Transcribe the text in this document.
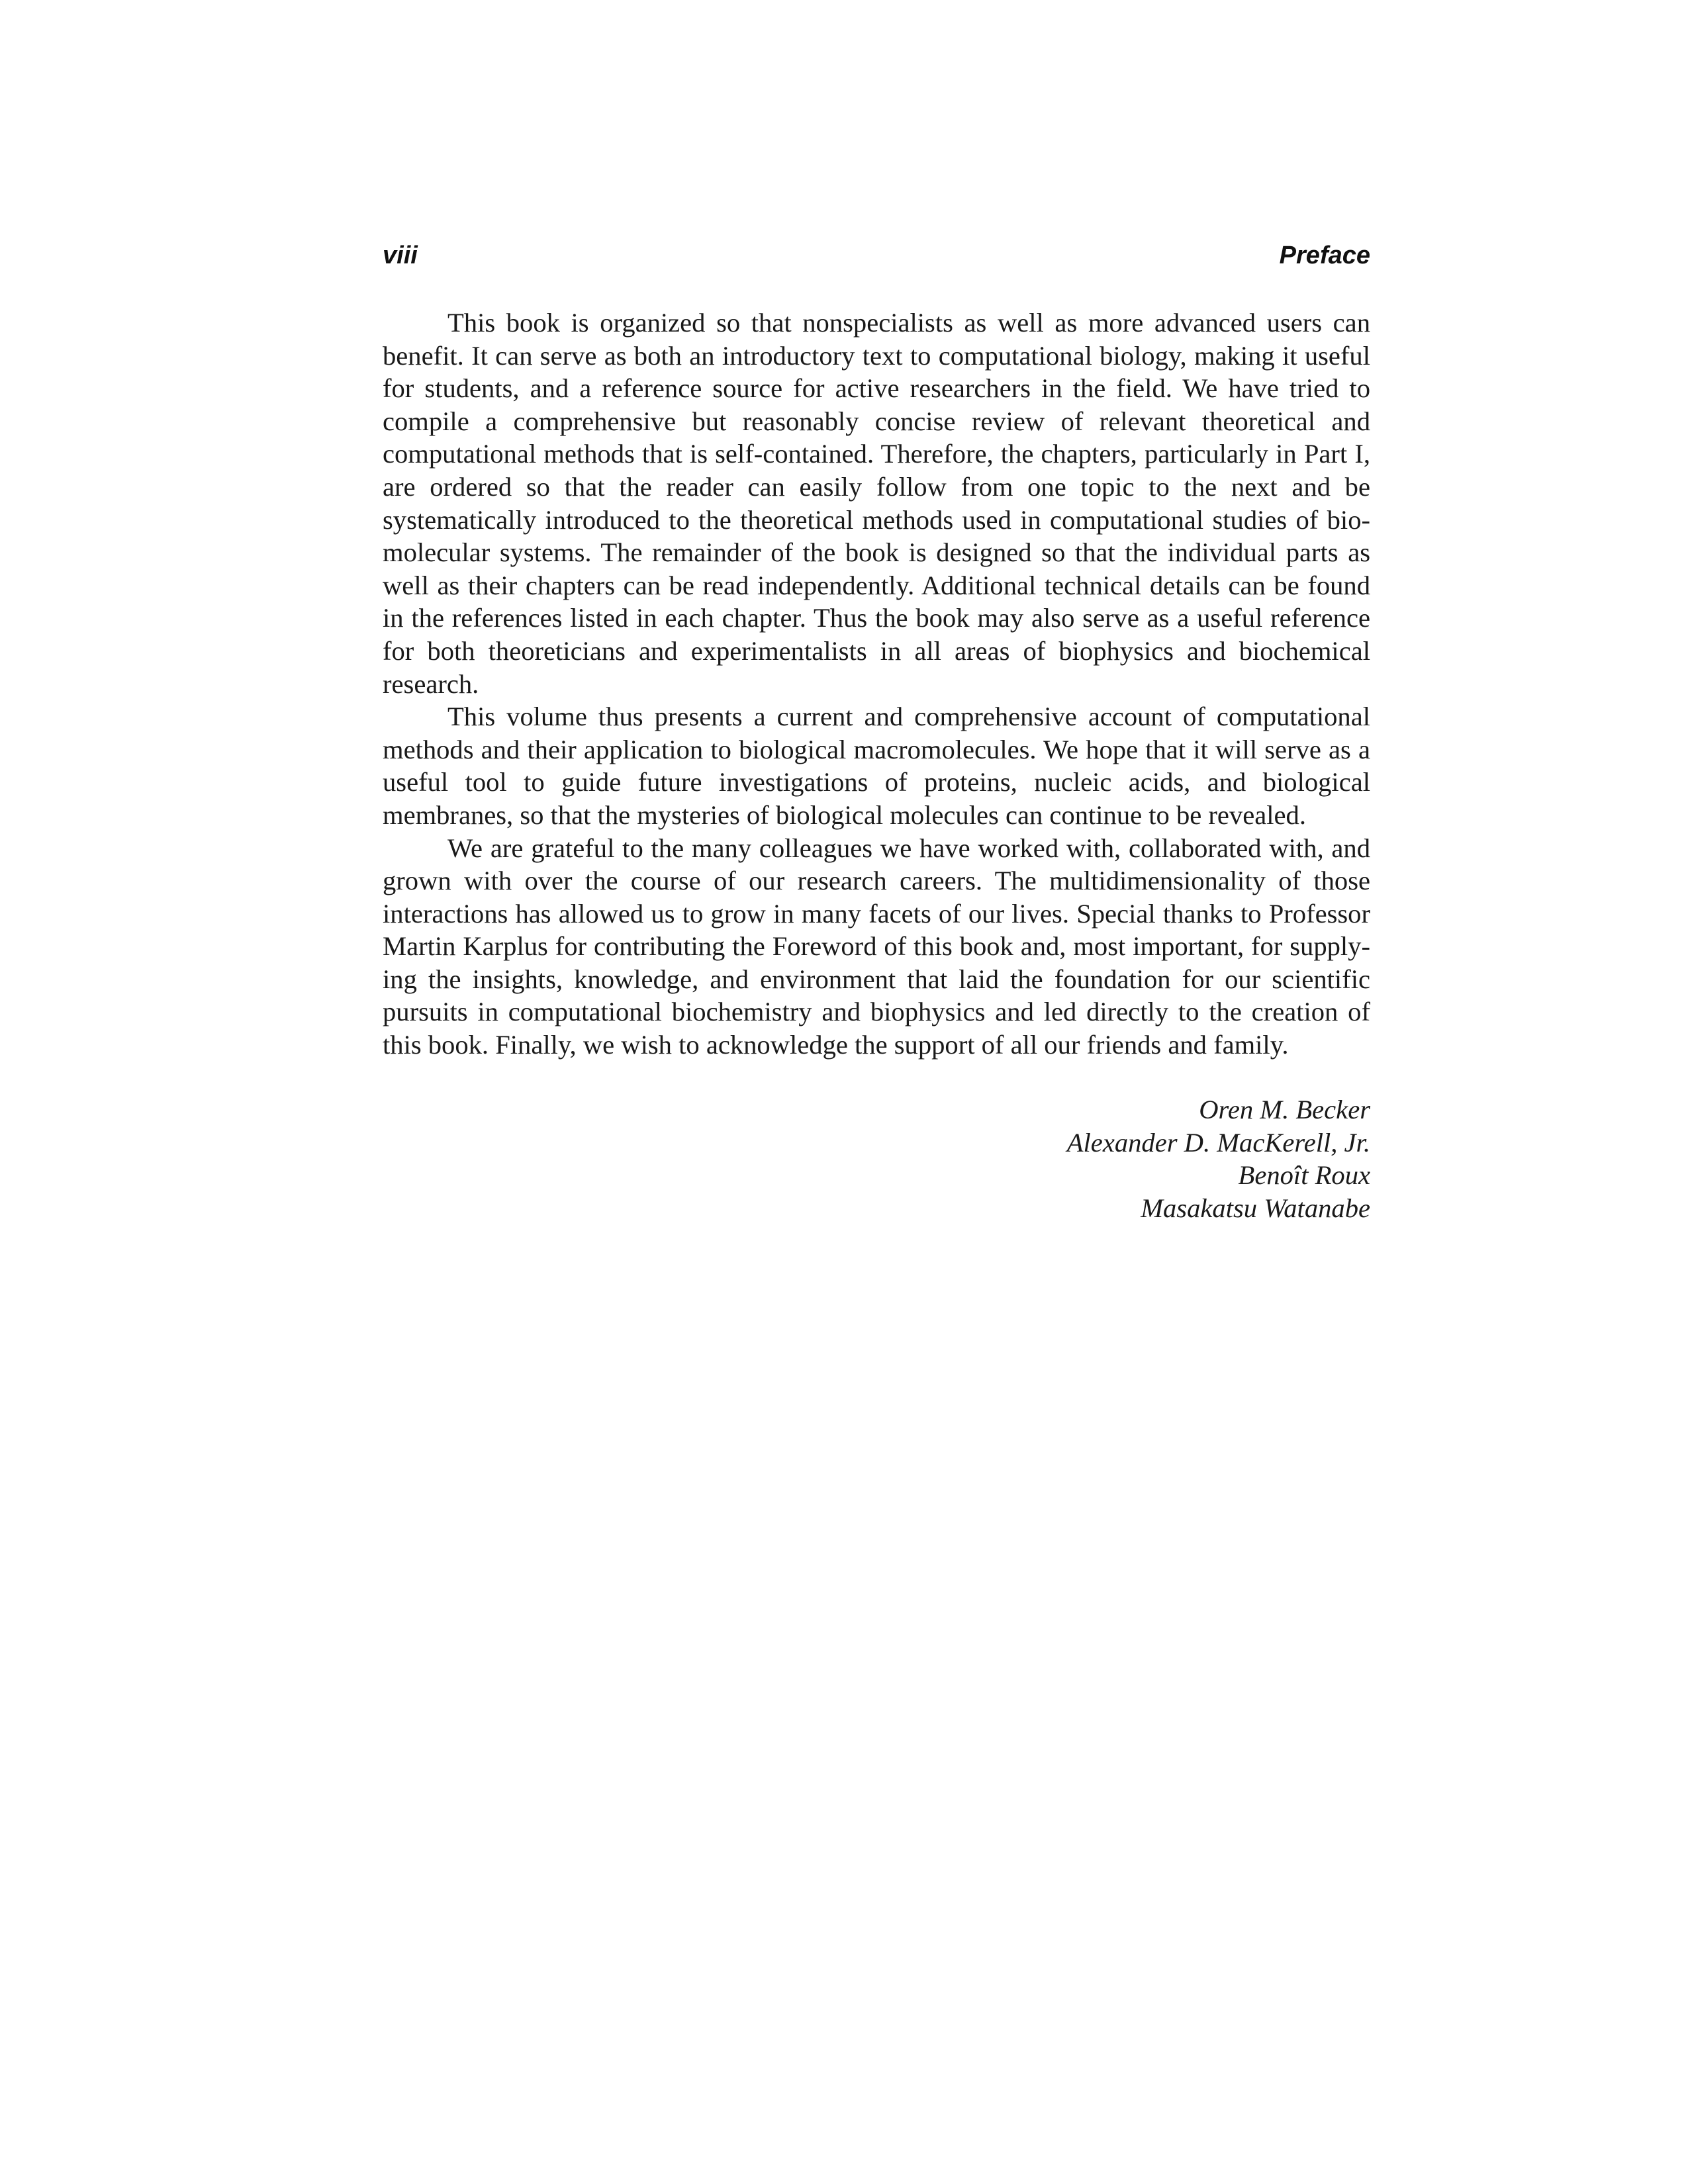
viii	Preface

This book is organized so that nonspecialists as well as more advanced users can benefit. It can serve as both an introductory text to computational biology, making it useful for students, and a reference source for active researchers in the field. We have tried to compile a comprehensive but reasonably concise review of relevant theoretical and computational methods that is self-contained. Therefore, the chapters, particularly in Part I, are ordered so that the reader can easily follow from one topic to the next and be systematically introduced to the theoretical methods used in computational studies of biomolecular systems. The remainder of the book is designed so that the individual parts as well as their chapters can be read independently. Additional technical details can be found in the references listed in each chapter. Thus the book may also serve as a useful reference for both theoreticians and experimentalists in all areas of biophysics and biochemical research.

This volume thus presents a current and comprehensive account of computational methods and their application to biological macromolecules. We hope that it will serve as a useful tool to guide future investigations of proteins, nucleic acids, and biological membranes, so that the mysteries of biological molecules can continue to be revealed.

We are grateful to the many colleagues we have worked with, collaborated with, and grown with over the course of our research careers. The multidimensionality of those interactions has allowed us to grow in many facets of our lives. Special thanks to Professor Martin Karplus for contributing the Foreword of this book and, most important, for supplying the insights, knowledge, and environment that laid the foundation for our scientific pursuits in computational biochemistry and biophysics and led directly to the creation of this book. Finally, we wish to acknowledge the support of all our friends and family.

Oren M. Becker
Alexander D. MacKerell, Jr.
Benoît Roux
Masakatsu Watanabe
